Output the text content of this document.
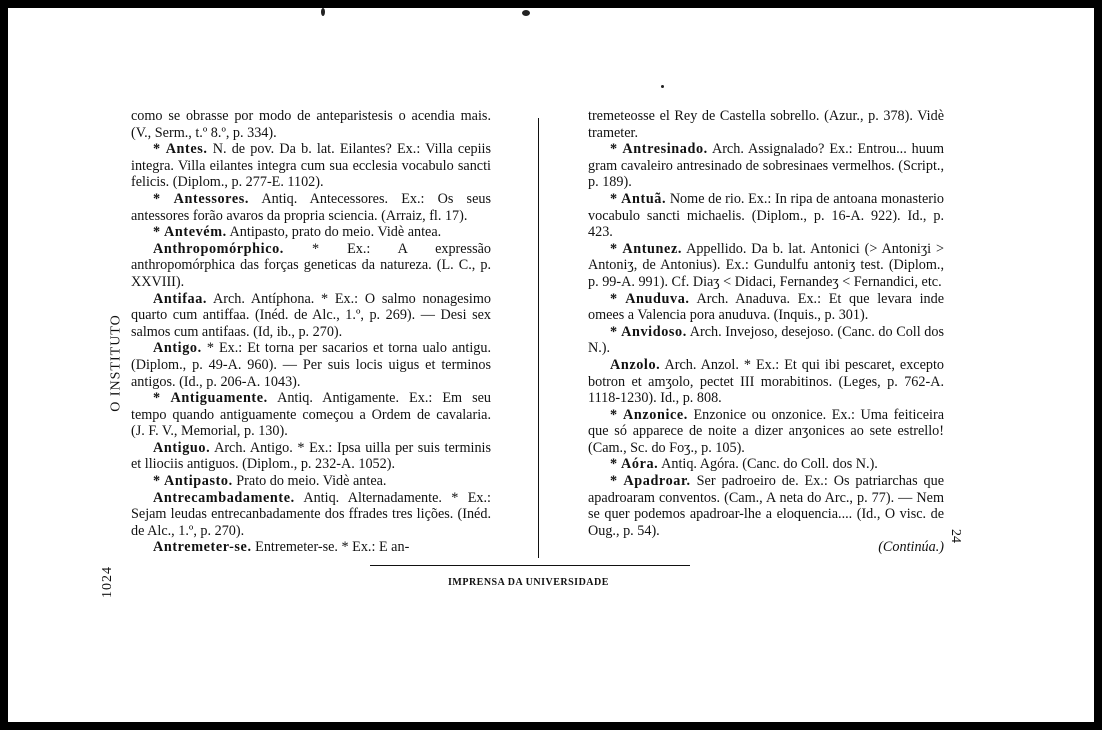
O INSTITUTO
1024

como se obrasse por modo de anteparistesis o acendia mais. (V., Serm., t.º 8.º, p. 334).

* Antes. N. de pov. Da b. lat. Eilantes? Ex.: Villa cepiis integra. Villa eilantes integra cum sua ecclesia vocabulo sancti felicis. (Diplom., p. 277-E. 1102).

* Antessores. Antiq. Antecessores. Ex.: Os seus antessores forão avaros da propria sciencia. (Arraiz, fl. 17).

* Antevém. Antipasto, prato do meio. Vidè antea.

Anthropomórphico. * Ex.: A expressão anthropomórphica das forças geneticas da natureza. (L. C., p. XXVIII).

Antifaa. Arch. Antíphona. * Ex.: O salmo nonagesimo quarto cum antiffaa. (Inéd. de Alc., 1.º, p. 269). — Desi sex salmos cum antifaas. (Id, ib., p. 270).

Antigo. * Ex.: Et torna per sacarios et torna ualo antigu. (Diplom., p. 49-A. 960). — Per suis locis uigus et terminos antigos. (Id., p. 206-A. 1043).

* Antiguamente. Antiq. Antigamente. Ex.: Em seu tempo quando antiguamente começou a Ordem de cavalaria. (J. F. V., Memorial, p. 130).

Antiguo. Arch. Antigo. * Ex.: Ipsa uilla per suis terminis et lliociis antiguos. (Diplom., p. 232-A. 1052).

* Antipasto. Prato do meio. Vidè antea.

Antrecambadamente. Antiq. Alternadamente. * Ex.: Sejam leudas entrecanbadamente dos ffrades tres lições. (Inéd. de Alc., 1.º, p. 270).

Antremeter-se. Entremeter-se. * Ex.: E an-

tremeteosse el Rey de Castella sobrello. (Azur., p. 378). Vidè trameter.

* Antresinado. Arch. Assignalado? Ex.: Entrou... huum gram cavaleiro antresinado de sobresinaes vermelhos. (Script., p. 189).

* Antuã. Nome de rio. Ex.: In ripa de antoana monasterio vocabulo sancti michaelis. (Diplom., p. 16-A. 922). Id., p. 423.

* Antunez. Appellido. Da b. lat. Antonici (> Antoniʒi > Antoniʒ, de Antonius). Ex.: Gundulfu antoniʒ test. (Diplom., p. 99-A. 991). Cf. Diaʒ < Didaci, Fernandeʒ < Fernandici, etc.

* Anuduva. Arch. Anaduva. Ex.: Et que levara inde omees a Valencia pora anuduva. (Inquis., p. 301).

* Anvidoso. Arch. Invejoso, desejoso. (Canc. do Coll dos N.).

Anzolo. Arch. Anzol. * Ex.: Et qui ibi pescaret, excepto botron et amʒolo, pectet III morabitinos. (Leges, p. 762-A. 1118-1230). Id., p. 808.

* Anzonice. Enzonice ou onzonice. Ex.: Uma feiticeira que só apparece de noite a dizer anʒonices ao sete estrello! (Cam., Sc. do Foʒ., p. 105).

* Aóra. Antiq. Agóra. (Canc. do Coll. dos N.).

* Apadroar. Ser padroeiro de. Ex.: Os patriarchas que apadroaram conventos. (Cam., A neta do Arc., p. 77). — Nem se quer podemos apadroar-lhe a eloquencia.... (Id., O visc. de Oug., p. 54).

(Continúa.)

24
IMPRENSA DA UNIVERSIDADE
